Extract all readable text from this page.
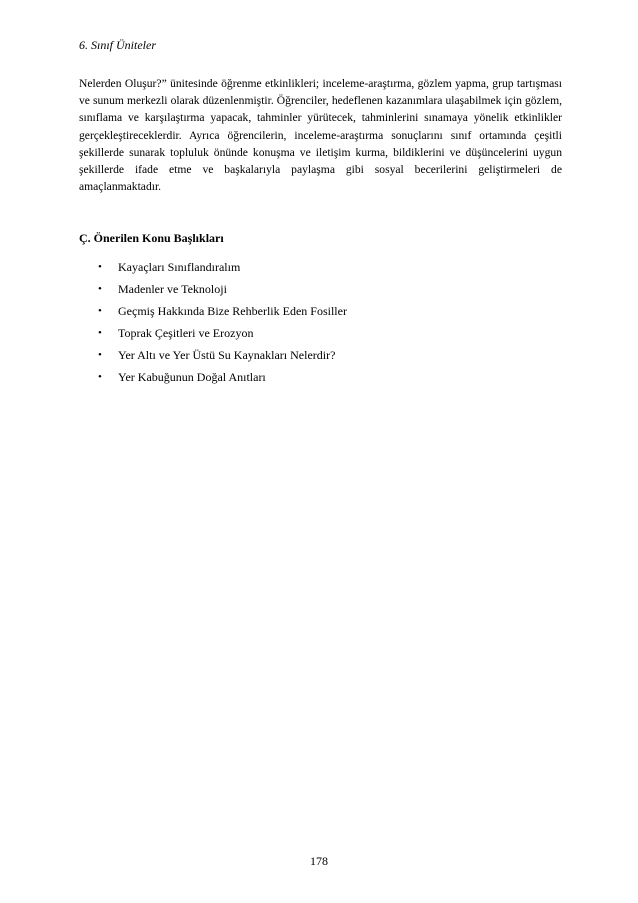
6. Sınıf Üniteler

Nelerden Oluşur?” ünitesinde öğrenme etkinlikleri; inceleme-araştırma, gözlem yapma, grup tartışması ve sunum merkezli olarak düzenlenmiştir. Öğrenciler, hedeflenen kazanımlara ulaşabilmek için gözlem, sınıflama ve karşılaştırma yapacak, tahminler yürütecek, tahminlerini sınamaya yönelik etkinlikler gerçekleştireceklerdir. Ayrıca öğrencilerin, inceleme-araştırma sonuçlarını sınıf ortamında çeşitli şekillerde sunarak topluluk önünde konuşma ve iletişim kurma, bildiklerini ve düşüncelerini uygun şekillerde ifade etme ve başkalarıyla paylaşma gibi sosyal becerilerini geliştirmeleri de amaçlanmaktadır.

Ç. Önerilen Konu Başlıkları
• Kayaçları Sınıflandıralım
• Madenler ve Teknoloji
• Geçmiş Hakkında Bize Rehberlik Eden Fosiller
• Toprak Çeşitleri ve Erozyon
• Yer Altı ve Yer Üstü Su Kaynakları Nelerdir?
• Yer Kabuğunun Doğal Anıtları

178
